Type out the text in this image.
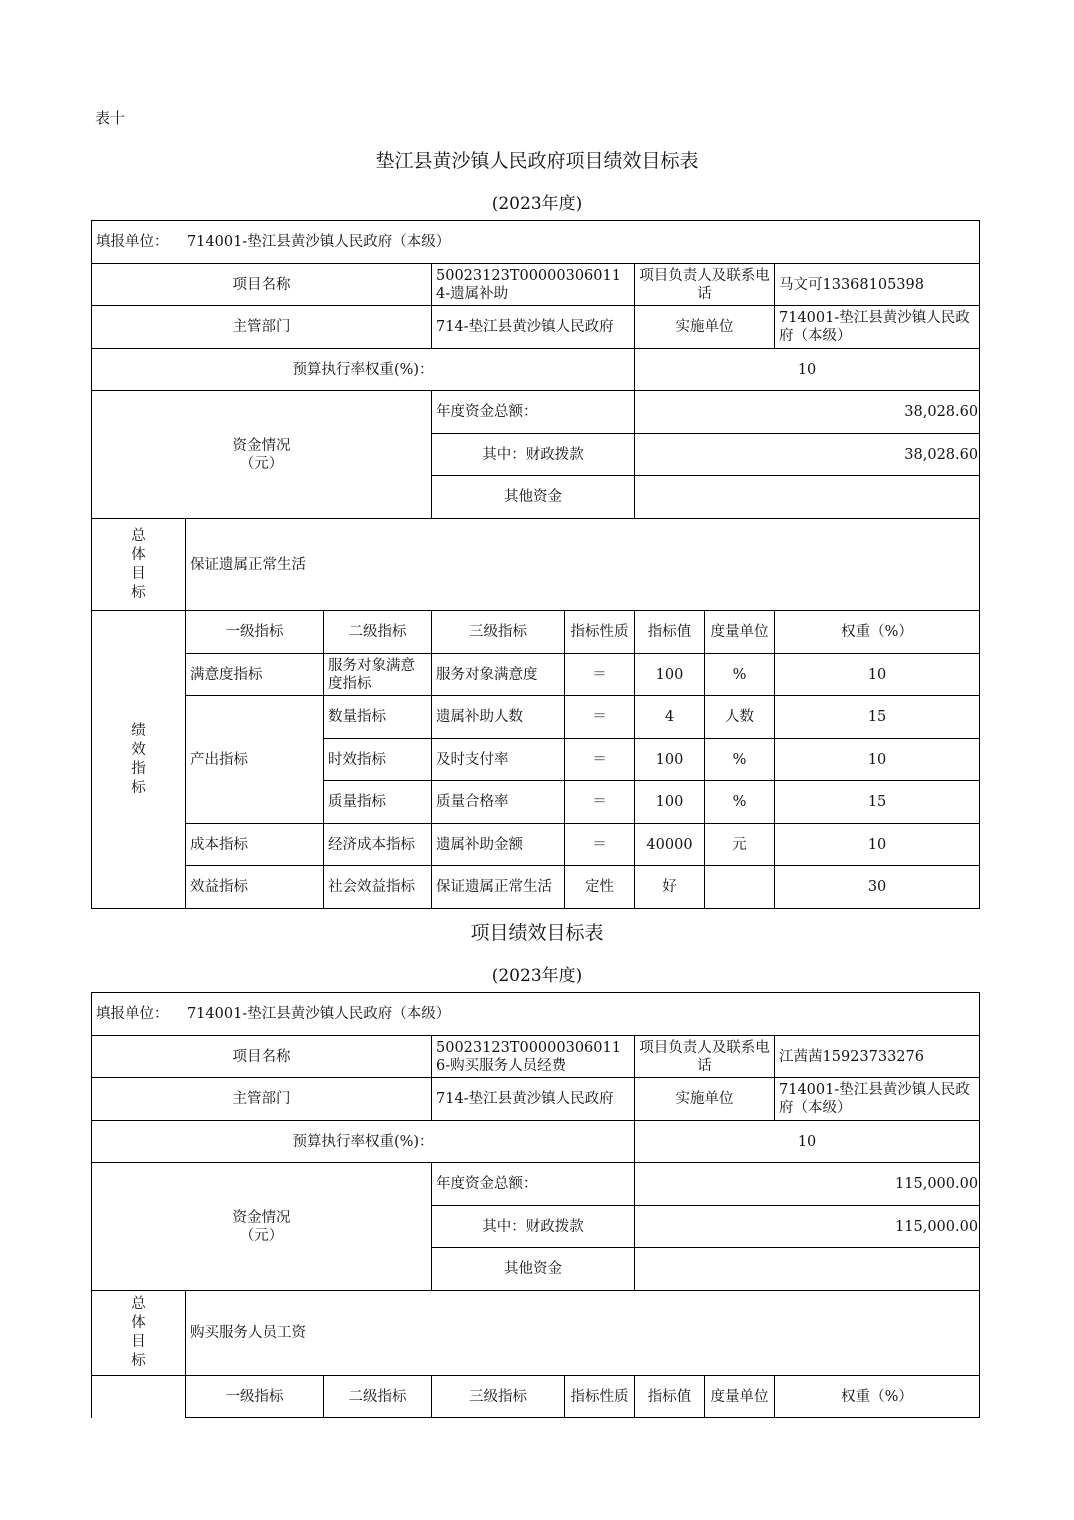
表十
垫江县黄沙镇人民政府项目绩效目标表
(2023年度)
填报单位： 714001-垫江县黄沙镇人民政府（本级）							
项目名称			50023123T000003060114-遗属补助		项目负责人及联系电话		马文可13368105398
主管部门			714-垫江县黄沙镇人民政府		实施单位		714001-垫江县黄沙镇人民政府（本级）
预算执行率权重(%)：					10		

资金情况（元）			年度资金总额：		38,028.60		
			其中：财政拨款		38,028.60		
			其他资金				

总体目标	保证遗属正常生活						

绩效指标	一级指标	二级指标	三级指标	指标性质	指标值	度量单位	权重（%）
	满意度指标	服务对象满意度指标	服务对象满意度	＝	100	%	10
	产出指标	数量指标	遗属补助人数	＝	4	人数	15
		时效指标	及时支付率	＝	100	%	10
		质量指标	质量合格率	＝	100	%	15
	成本指标	经济成本指标	遗属补助金额	＝	40000	元	10
	效益指标	社会效益指标	保证遗属正常生活	定性	好		30
项目绩效目标表
(2023年度)
填报单位： 714001-垫江县黄沙镇人民政府（本级）							
项目名称			50023123T000003060116-购买服务人员经费		项目负责人及联系电话		江茜茜15923733276
主管部门			714-垫江县黄沙镇人民政府		实施单位		714001-垫江县黄沙镇人民政府（本级）
预算执行率权重(%)：					10		

资金情况（元）			年度资金总额：		115,000.00		
			其中：财政拨款		115,000.00		
			其他资金				

总体目标	购买服务人员工资						
	一级指标	二级指标	三级指标	指标性质	指标值	度量单位	权重（%）
